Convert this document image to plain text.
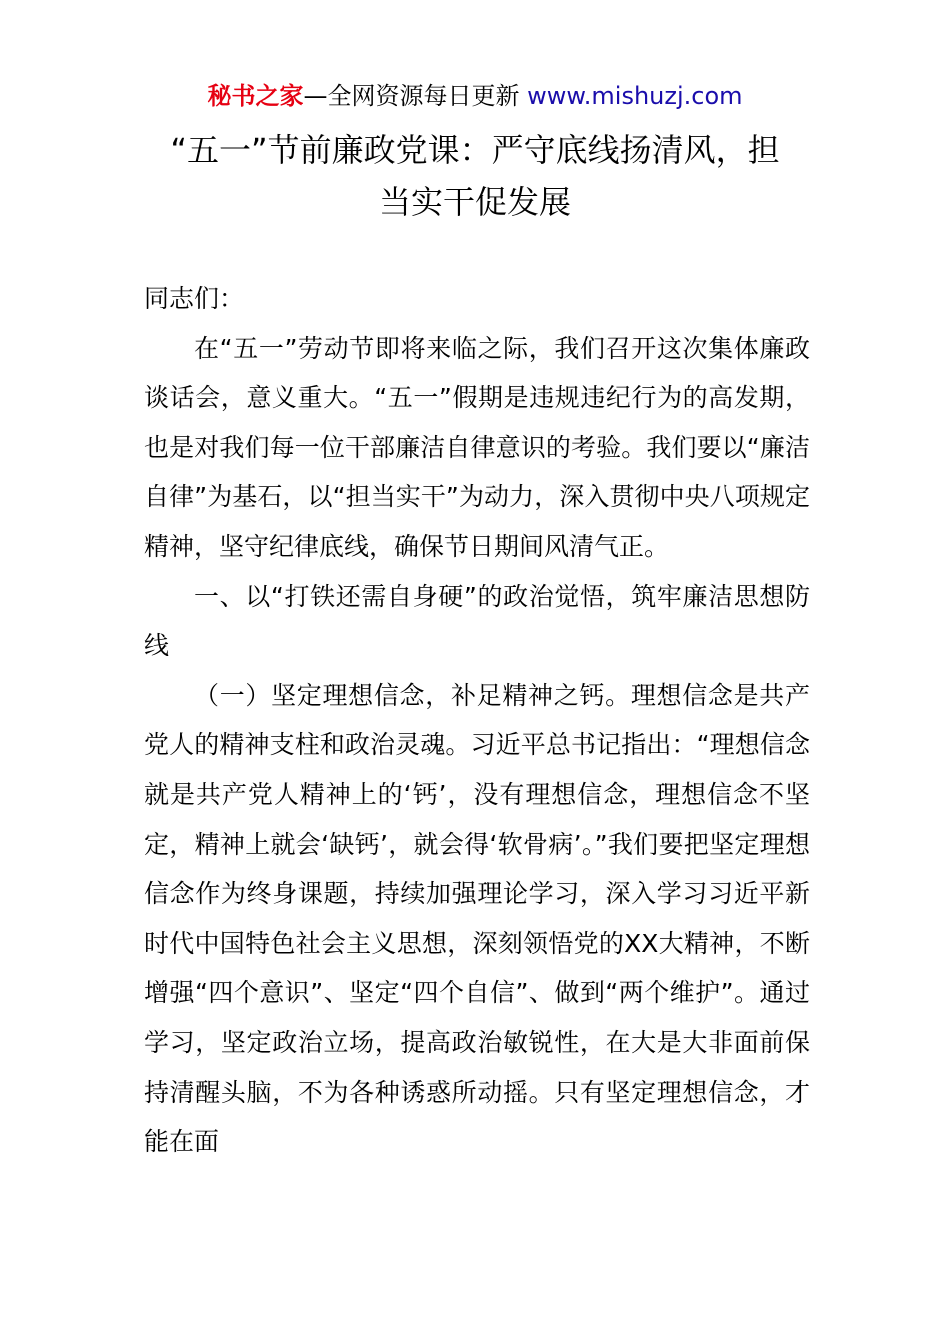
秘书之家—全网资源每日更新 www.mishuzj.com
“五一”节前廉政党课：严守底线扬清风，担
当实干促发展

同志们：

在“五一”劳动节即将来临之际，我们召开这次集体廉政谈话会，意义重大。“五一”假期是违规违纪行为的高发期，也是对我们每一位干部廉洁自律意识的考验。我们要以“廉洁自律”为基石，以“担当实干”为动力，深入贯彻中央八项规定精神，坚守纪律底线，确保节日期间风清气正。

一、以“打铁还需自身硬”的政治觉悟，筑牢廉洁思想防线

（一）坚定理想信念，补足精神之钙。理想信念是共产党人的精神支柱和政治灵魂。习近平总书记指出：“理想信念就是共产党人精神上的‘钙’，没有理想信念，理想信念不坚定，精神上就会‘缺钙’，就会得‘软骨病’。”我们要把坚定理想信念作为终身课题，持续加强理论学习，深入学习习近平新时代中国特色社会主义思想，深刻领悟党的XX大精神，不断增强“四个意识”、坚定“四个自信”、做到“两个维护”。通过学习，坚定政治立场，提高政治敏锐性，在大是大非面前保持清醒头脑，不为各种诱惑所动摇。只有坚定理想信念，才能在面
